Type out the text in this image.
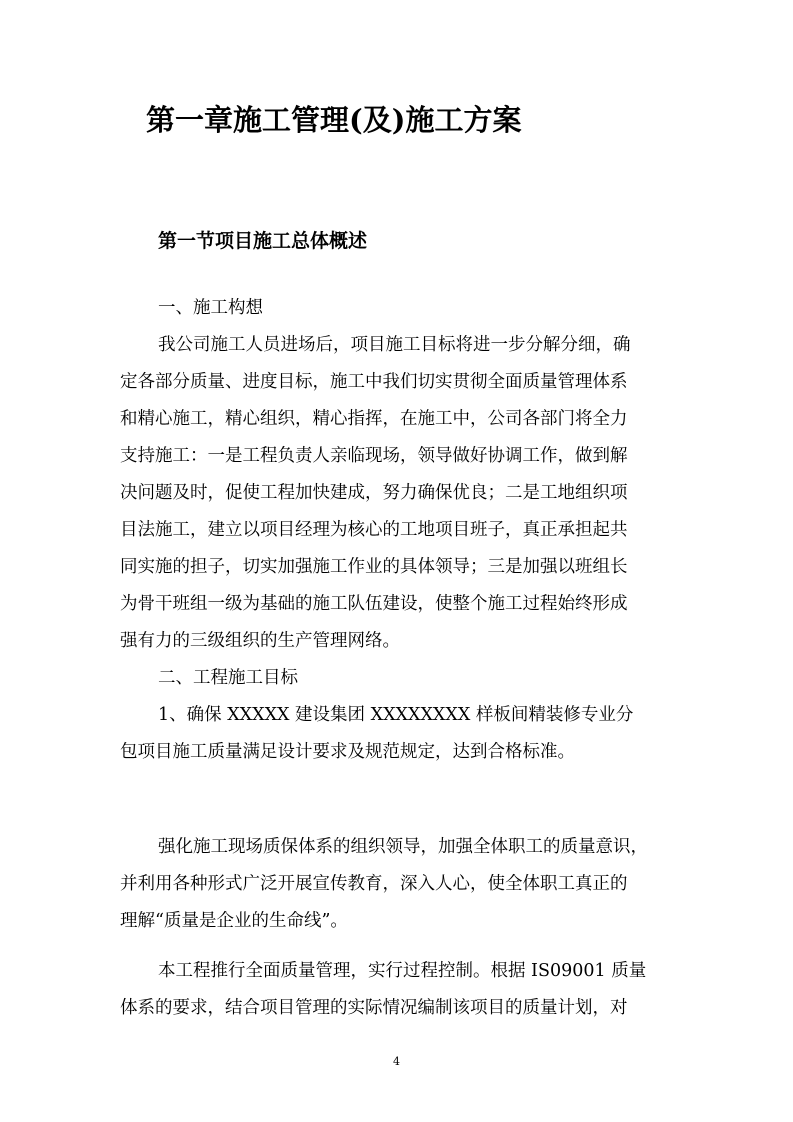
第一章施工管理(及)施工方案
第一节项目施工总体概述
一、施工构想
我公司施工人员进场后，项目施工目标将进一步分解分细，确
定各部分质量、进度目标，施工中我们切实贯彻全面质量管理体系
和精心施工，精心组织，精心指挥，在施工中，公司各部门将全力
支持施工：一是工程负责人亲临现场，领导做好协调工作，做到解
决问题及时，促使工程加快建成，努力确保优良；二是工地组织项
目法施工，建立以项目经理为核心的工地项目班子，真正承担起共
同实施的担子，切实加强施工作业的具体领导；三是加强以班组长
为骨干班组一级为基础的施工队伍建设，使整个施工过程始终形成
强有力的三级组织的生产管理网络。
二、工程施工目标
1、确保 XXXXX 建设集团 XXXXXXXX 样板间精装修专业分
包项目施工质量满足设计要求及规范规定，达到合格标准。
强化施工现场质保体系的组织领导，加强全体职工的质量意识，
并利用各种形式广泛开展宣传教育，深入人心，使全体职工真正的
理解“质量是企业的生命线”。
本工程推行全面质量管理，实行过程控制。根据 IS09001 质量
体系的要求，结合项目管理的实际情况编制该项目的质量计划，对
4
